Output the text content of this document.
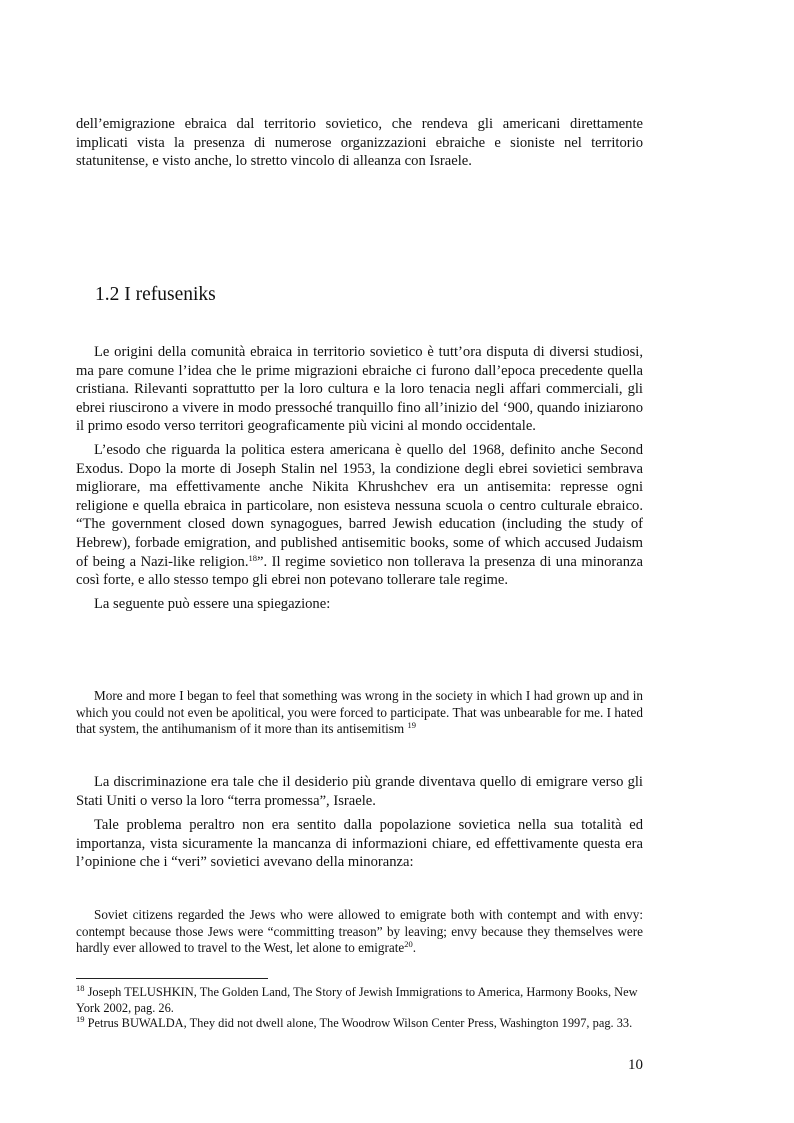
dell’emigrazione ebraica dal territorio sovietico, che rendeva gli americani direttamente implicati vista la presenza di numerose organizzazioni ebraiche e sioniste nel territorio statunitense, e visto anche, lo stretto vincolo di alleanza con Israele.

1.2 I refuseniks

Le origini della comunità ebraica in territorio sovietico è tutt’ora disputa di diversi studiosi, ma pare comune l’idea che le prime migrazioni ebraiche ci furono dall’epoca precedente quella cristiana. Rilevanti soprattutto per la loro cultura e la loro tenacia negli affari commerciali, gli ebrei riuscirono a vivere in modo pressoché tranquillo fino all’inizio del ‘900, quando iniziarono il primo esodo verso territori geograficamente più vicini al mondo occidentale.

L’esodo che riguarda la politica estera americana è quello del 1968, definito anche Second Exodus. Dopo la morte di Joseph Stalin nel 1953, la condizione degli ebrei sovietici sembrava migliorare, ma effettivamente anche Nikita Khrushchev era un antisemita: represse ogni religione e quella ebraica in particolare, non esisteva nessuna scuola o centro culturale ebraico. “The government closed down synagogues, barred Jewish education (including the study of Hebrew), forbade emigration, and published antisemitic books, some of which accused Judaism of being a Nazi-like religion.$^{18}$”. Il regime sovietico non tollerava la presenza di una minoranza così forte, e allo stesso tempo gli ebrei non potevano tollerare tale regime.

La seguente può essere una spiegazione:

More and more I began to feel that something was wrong in the society in which I had grown up and in which you could not even be apolitical, you were forced to participate. That was unbearable for me. I hated that system, the antihumanism of it more than its antisemitism $^{19}$

La discriminazione era tale che il desiderio più grande diventava quello di emigrare verso gli Stati Uniti o verso la loro “terra promessa”, Israele.

Tale problema peraltro non era sentito dalla popolazione sovietica nella sua totalità ed importanza, vista sicuramente la mancanza di informazioni chiare, ed effettivamente questa era l’opinione che i “veri” sovietici avevano della minoranza:

Soviet citizens regarded the Jews who were allowed to emigrate both with contempt and with envy: contempt because those Jews were “committing treason” by leaving; envy because they themselves were hardly ever allowed to travel to the West, let alone to emigrate$^{20}$.

$^{18}$ Joseph TELUSHKIN, The Golden Land, The Story of Jewish Immigrations to America, Harmony Books, New York 2002, pag. 26.

$^{19}$ Petrus BUWALDA, They did not dwell alone, The Woodrow Wilson Center Press, Washington 1997, pag. 33.

10
